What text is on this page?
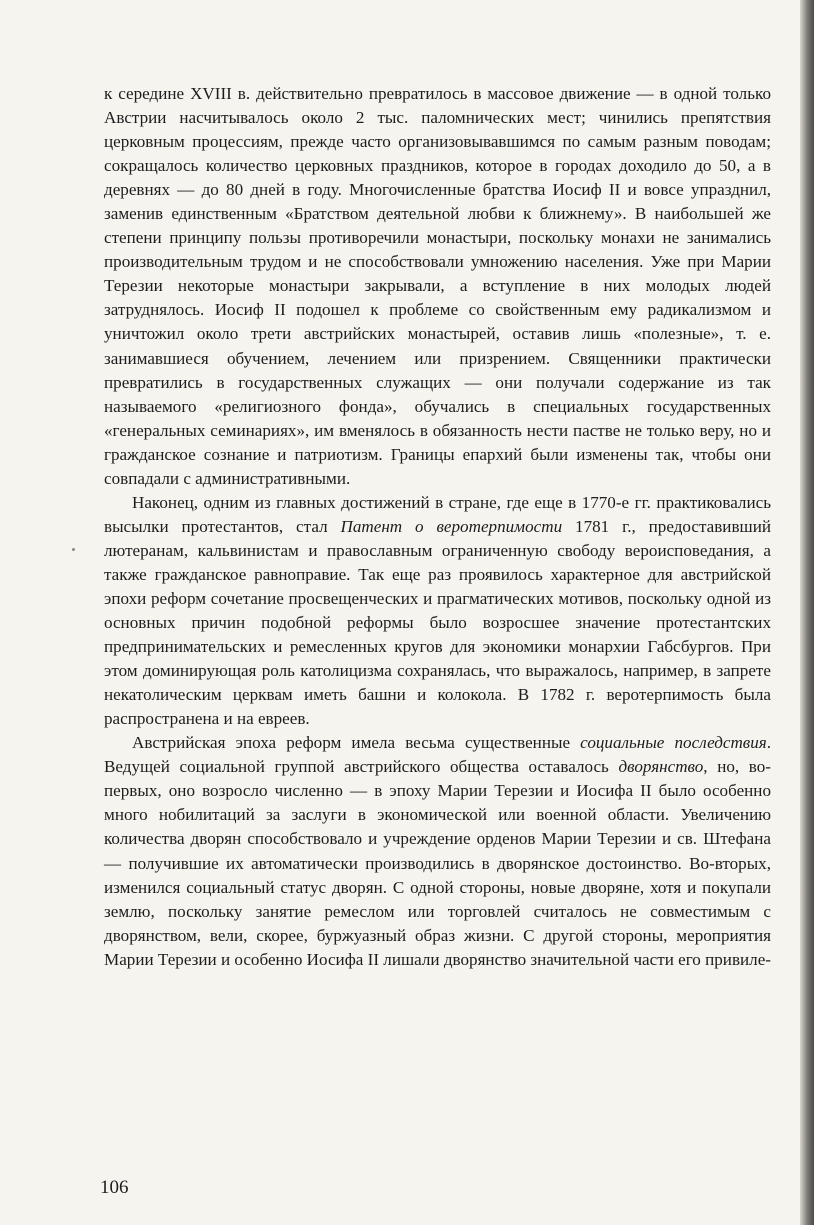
к середине XVIII в. действительно превратилось в массовое движение — в одной только Австрии насчитывалось около 2 тыс. паломнических мест; чинились препятствия церковным процессиям, прежде часто организовывавшимся по самым разным поводам; сокращалось количество церковных праздников, которое в городах доходило до 50, а в деревнях — до 80 дней в году. Многочисленные братства Иосиф II и вовсе упразднил, заменив единственным «Братством деятельной любви к ближнему». В наибольшей же степени принципу пользы противоречили монастыри, поскольку монахи не занимались производительным трудом и не способствовали умножению населения. Уже при Марии Терезии некоторые монастыри закрывали, а вступление в них молодых людей затруднялось. Иосиф II подошел к проблеме со свойственным ему радикализмом и уничтожил около трети австрийских монастырей, оставив лишь «полезные», т. е. занимавшиеся обучением, лечением или призрением. Священники практически превратились в государственных служащих — они получали содержание из так называемого «религиозного фонда», обучались в специальных государственных «генеральных семинариях», им вменялось в обязанность нести пастве не только веру, но и гражданское сознание и патриотизм. Границы епархий были изменены так, чтобы они совпадали с административными.

Наконец, одним из главных достижений в стране, где еще в 1770-е гг. практиковались высылки протестантов, стал Патент о веротерпимости 1781 г., предоставивший лютеранам, кальвинистам и православным ограниченную свободу вероисповедания, а также гражданское равноправие. Так еще раз проявилось характерное для австрийской эпохи реформ сочетание просвещенческих и прагматических мотивов, поскольку одной из основных причин подобной реформы было возросшее значение протестантских предпринимательских и ремесленных кругов для экономики монархии Габсбургов. При этом доминирующая роль католицизма сохранялась, что выражалось, например, в запрете некатолическим церквам иметь башни и колокола. В 1782 г. веротерпимость была распространена и на евреев.

Австрийская эпоха реформ имела весьма существенные социальные последствия. Ведущей социальной группой австрийского общества оставалось дворянство, но, во-первых, оно возросло численно — в эпоху Марии Терезии и Иосифа II было особенно много нобилитаций за заслуги в экономической или военной области. Увеличению количества дворян способствовало и учреждение орденов Марии Терезии и св. Штефана — получившие их автоматически производились в дворянское достоинство. Во-вторых, изменился социальный статус дворян. С одной стороны, новые дворяне, хотя и покупали землю, поскольку занятие ремеслом или торговлей считалось не совместимым с дворянством, вели, скорее, буржуазный образ жизни. С другой стороны, мероприятия Марии Терезии и особенно Иосифа II лишали дворянство значительной части его привиле-

106
